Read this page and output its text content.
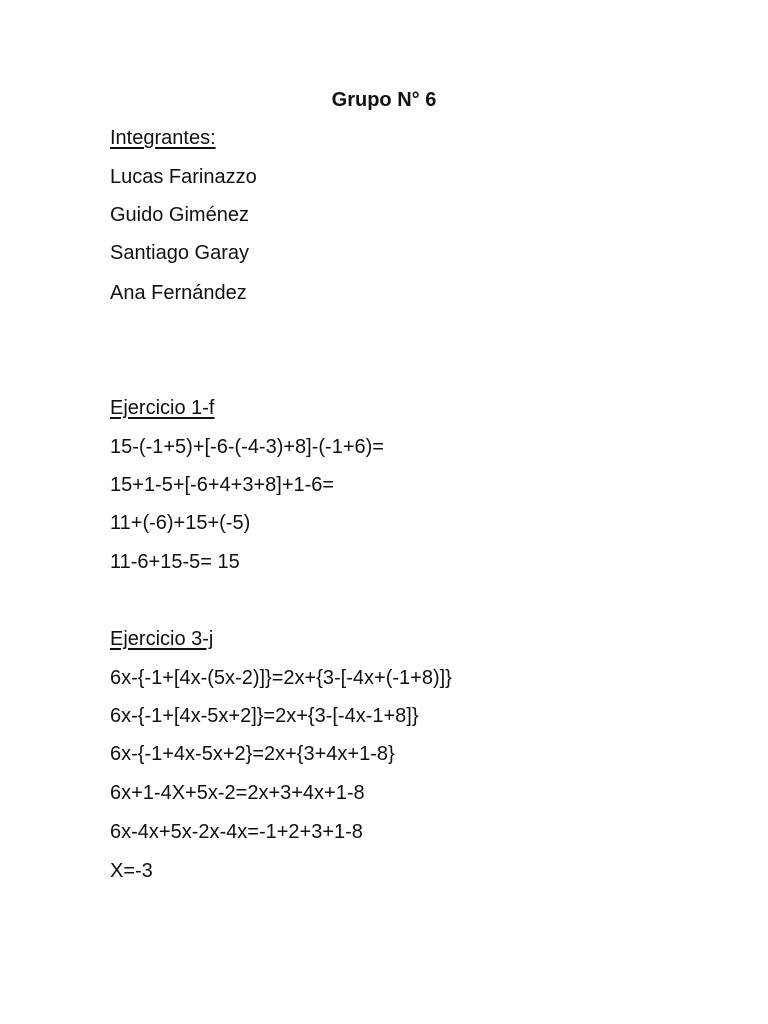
Grupo N° 6
Integrantes:
Lucas Farinazzo
Guido Giménez
Santiago Garay
Ana Fernández
Ejercicio 1-f
15-(-1+5)+[-6-(-4-3)+8]-(-1+6)=
15+1-5+[-6+4+3+8]+1-6=
11+(-6)+15+(-5)
11-6+15-5= 15
Ejercicio 3-j
6x-{-1+[4x-(5x-2)]}=2x+{3-[-4x+(-1+8)]}
6x-{-1+[4x-5x+2]}=2x+{3-[-4x-1+8]}
6x-{-1+4x-5x+2}=2x+{3+4x+1-8}
6x+1-4X+5x-2=2x+3+4x+1-8
6x-4x+5x-2x-4x=-1+2+3+1-8
X=-3
